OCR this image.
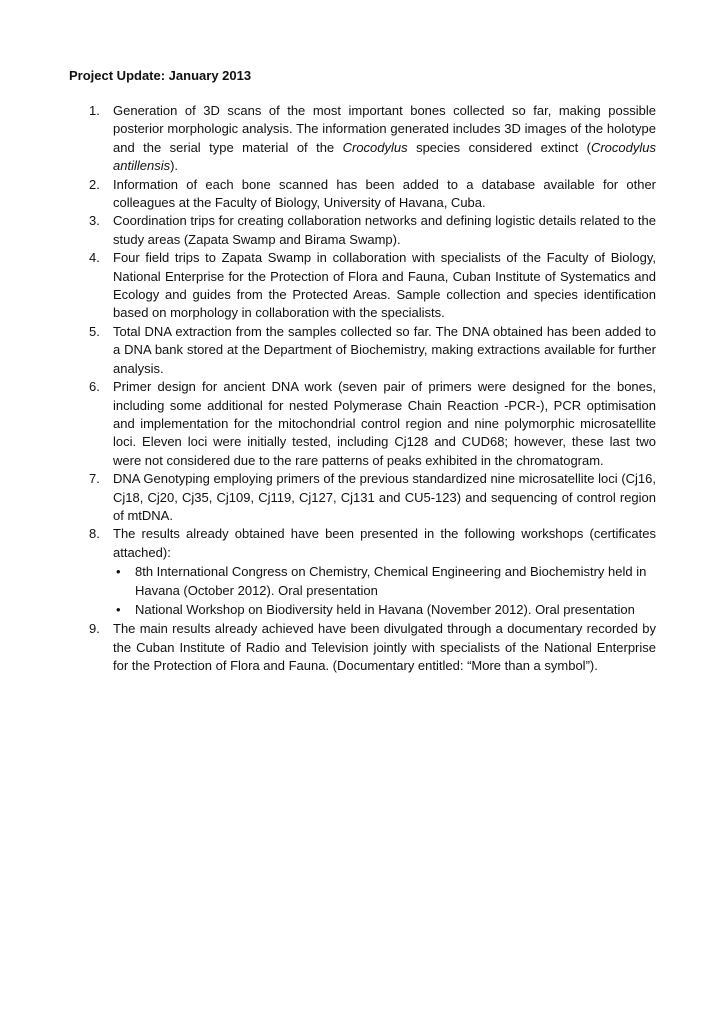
Project Update: January 2013

1.	Generation of 3D scans of the most important bones collected so far, making possible posterior morphologic analysis. The information generated includes 3D images of the holotype and the serial type material of the Crocodylus species considered extinct (Crocodylus antillensis).
2.	Information of each bone scanned has been added to a database available for other colleagues at the Faculty of Biology, University of Havana, Cuba.
3.	Coordination trips for creating collaboration networks and defining logistic details related to the study areas (Zapata Swamp and Birama Swamp).
4.	Four field trips to Zapata Swamp in collaboration with specialists of the Faculty of Biology, National Enterprise for the Protection of Flora and Fauna, Cuban Institute of Systematics and Ecology and guides from the Protected Areas. Sample collection and species identification based on morphology in collaboration with the specialists.
5.	Total DNA extraction from the samples collected so far. The DNA obtained has been added to a DNA bank stored at the Department of Biochemistry, making extractions available for further analysis.
6.	Primer design for ancient DNA work (seven pair of primers were designed for the bones, including some additional for nested Polymerase Chain Reaction -PCR-), PCR optimisation and implementation for the mitochondrial control region and nine polymorphic microsatellite loci. Eleven loci were initially tested, including Cj128 and CUD68; however, these last two were not considered due to the rare patterns of peaks exhibited in the chromatogram.
7.	DNA Genotyping employing primers of the previous standardized nine microsatellite loci (Cj16, Cj18, Cj20, Cj35, Cj109, Cj119, Cj127, Cj131 and CU5-123) and sequencing of control region of mtDNA.
8.	The results already obtained have been presented in the following workshops (certificates attached):
• 8th International Congress on Chemistry, Chemical Engineering and Biochemistry held in Havana (October 2012). Oral presentation
• National Workshop on Biodiversity held in Havana (November 2012). Oral presentation
9.	The main results already achieved have been divulgated through a documentary recorded by the Cuban Institute of Radio and Television jointly with specialists of the National Enterprise for the Protection of Flora and Fauna. (Documentary entitled: “More than a symbol”).
